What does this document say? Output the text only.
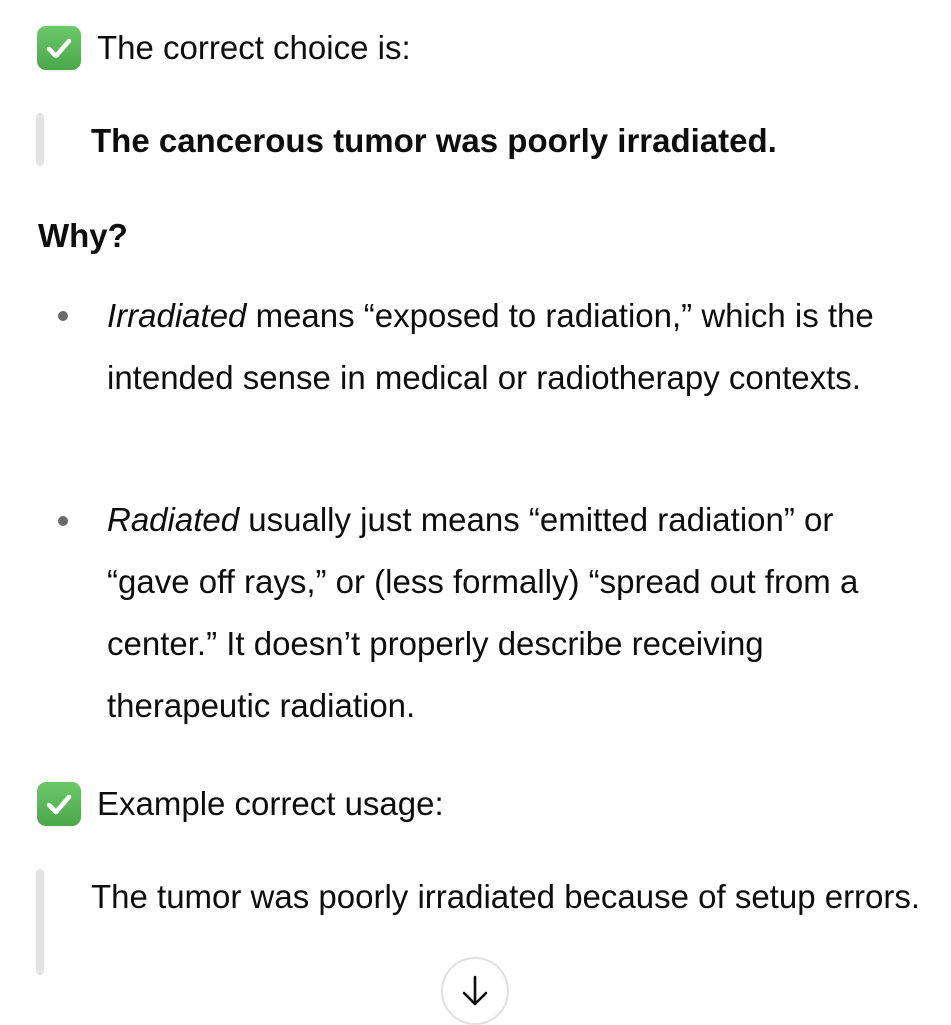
The correct choice is:
The cancerous tumor was poorly irradiated.
Why?
Irradiated means “exposed to radiation,” which is the intended sense in medical or radiotherapy contexts.
Radiated usually just means “emitted radiation” or “gave off rays,” or (less formally) “spread out from a center.” It doesn’t properly describe receiving therapeutic radiation.
Example correct usage:
The tumor was poorly irradiated because of setup errors.
